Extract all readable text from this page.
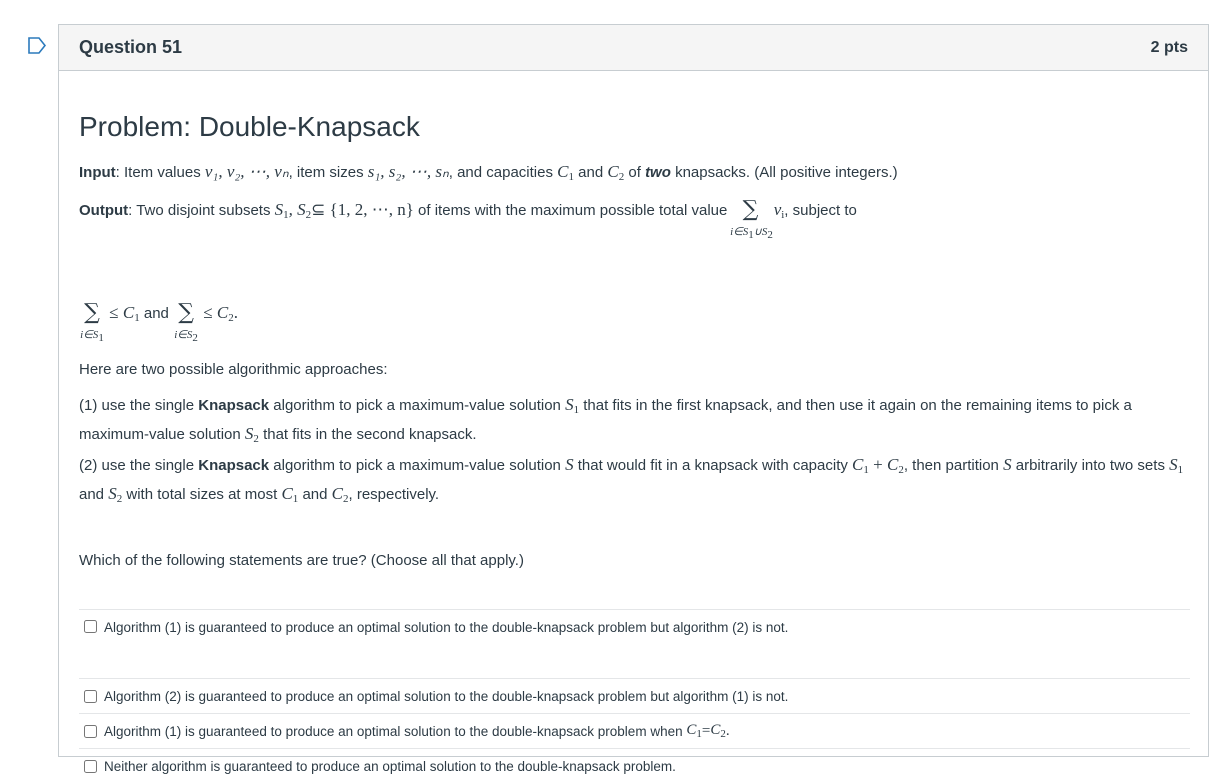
Question 51	2 pts
Problem: Double-Knapsack
Input: Item values v₁, v₂, ⋯, vₙ, item sizes s₁, s₂, ⋯, sₙ, and capacities $C_1$ and $C_2$ of two knapsacks. (All positive integers.)
Output: Two disjoint subsets $S_1$, $S_2⊆$ {1, 2, ⋯, n} of items with the maximum possible total value ∑
i∈S1∪S2
$v_i$, subject to
∑
i∈S1
≤ $C_1$ and ∑
i∈S2
≤ $C_2$.
Here are two possible algorithmic approaches:
(1) use the single Knapsack algorithm to pick a maximum-value solution $S_1$ that fits in the first knapsack, and then use it again on the remaining items to pick a maximum-value solution $S_2$ that fits in the second knapsack.
(2) use the single Knapsack algorithm to pick a maximum-value solution S that would fit in a knapsack with capacity $C_1 + C_2$, then partition S arbitrarily into two sets $S_1$ and $S_2$ with total sizes at most $C_1$ and $C_2$, respectively.
Which of the following statements are true? (Choose all that apply.)
Algorithm (1) is guaranteed to produce an optimal solution to the double-knapsack problem but algorithm (2) is not.
Algorithm (2) is guaranteed to produce an optimal solution to the double-knapsack problem but algorithm (1) is not.
Algorithm (1) is guaranteed to produce an optimal solution to the double-knapsack problem when
$C_1 = C_2$ .
Neither algorithm is guaranteed to produce an optimal solution to the double-knapsack problem.
